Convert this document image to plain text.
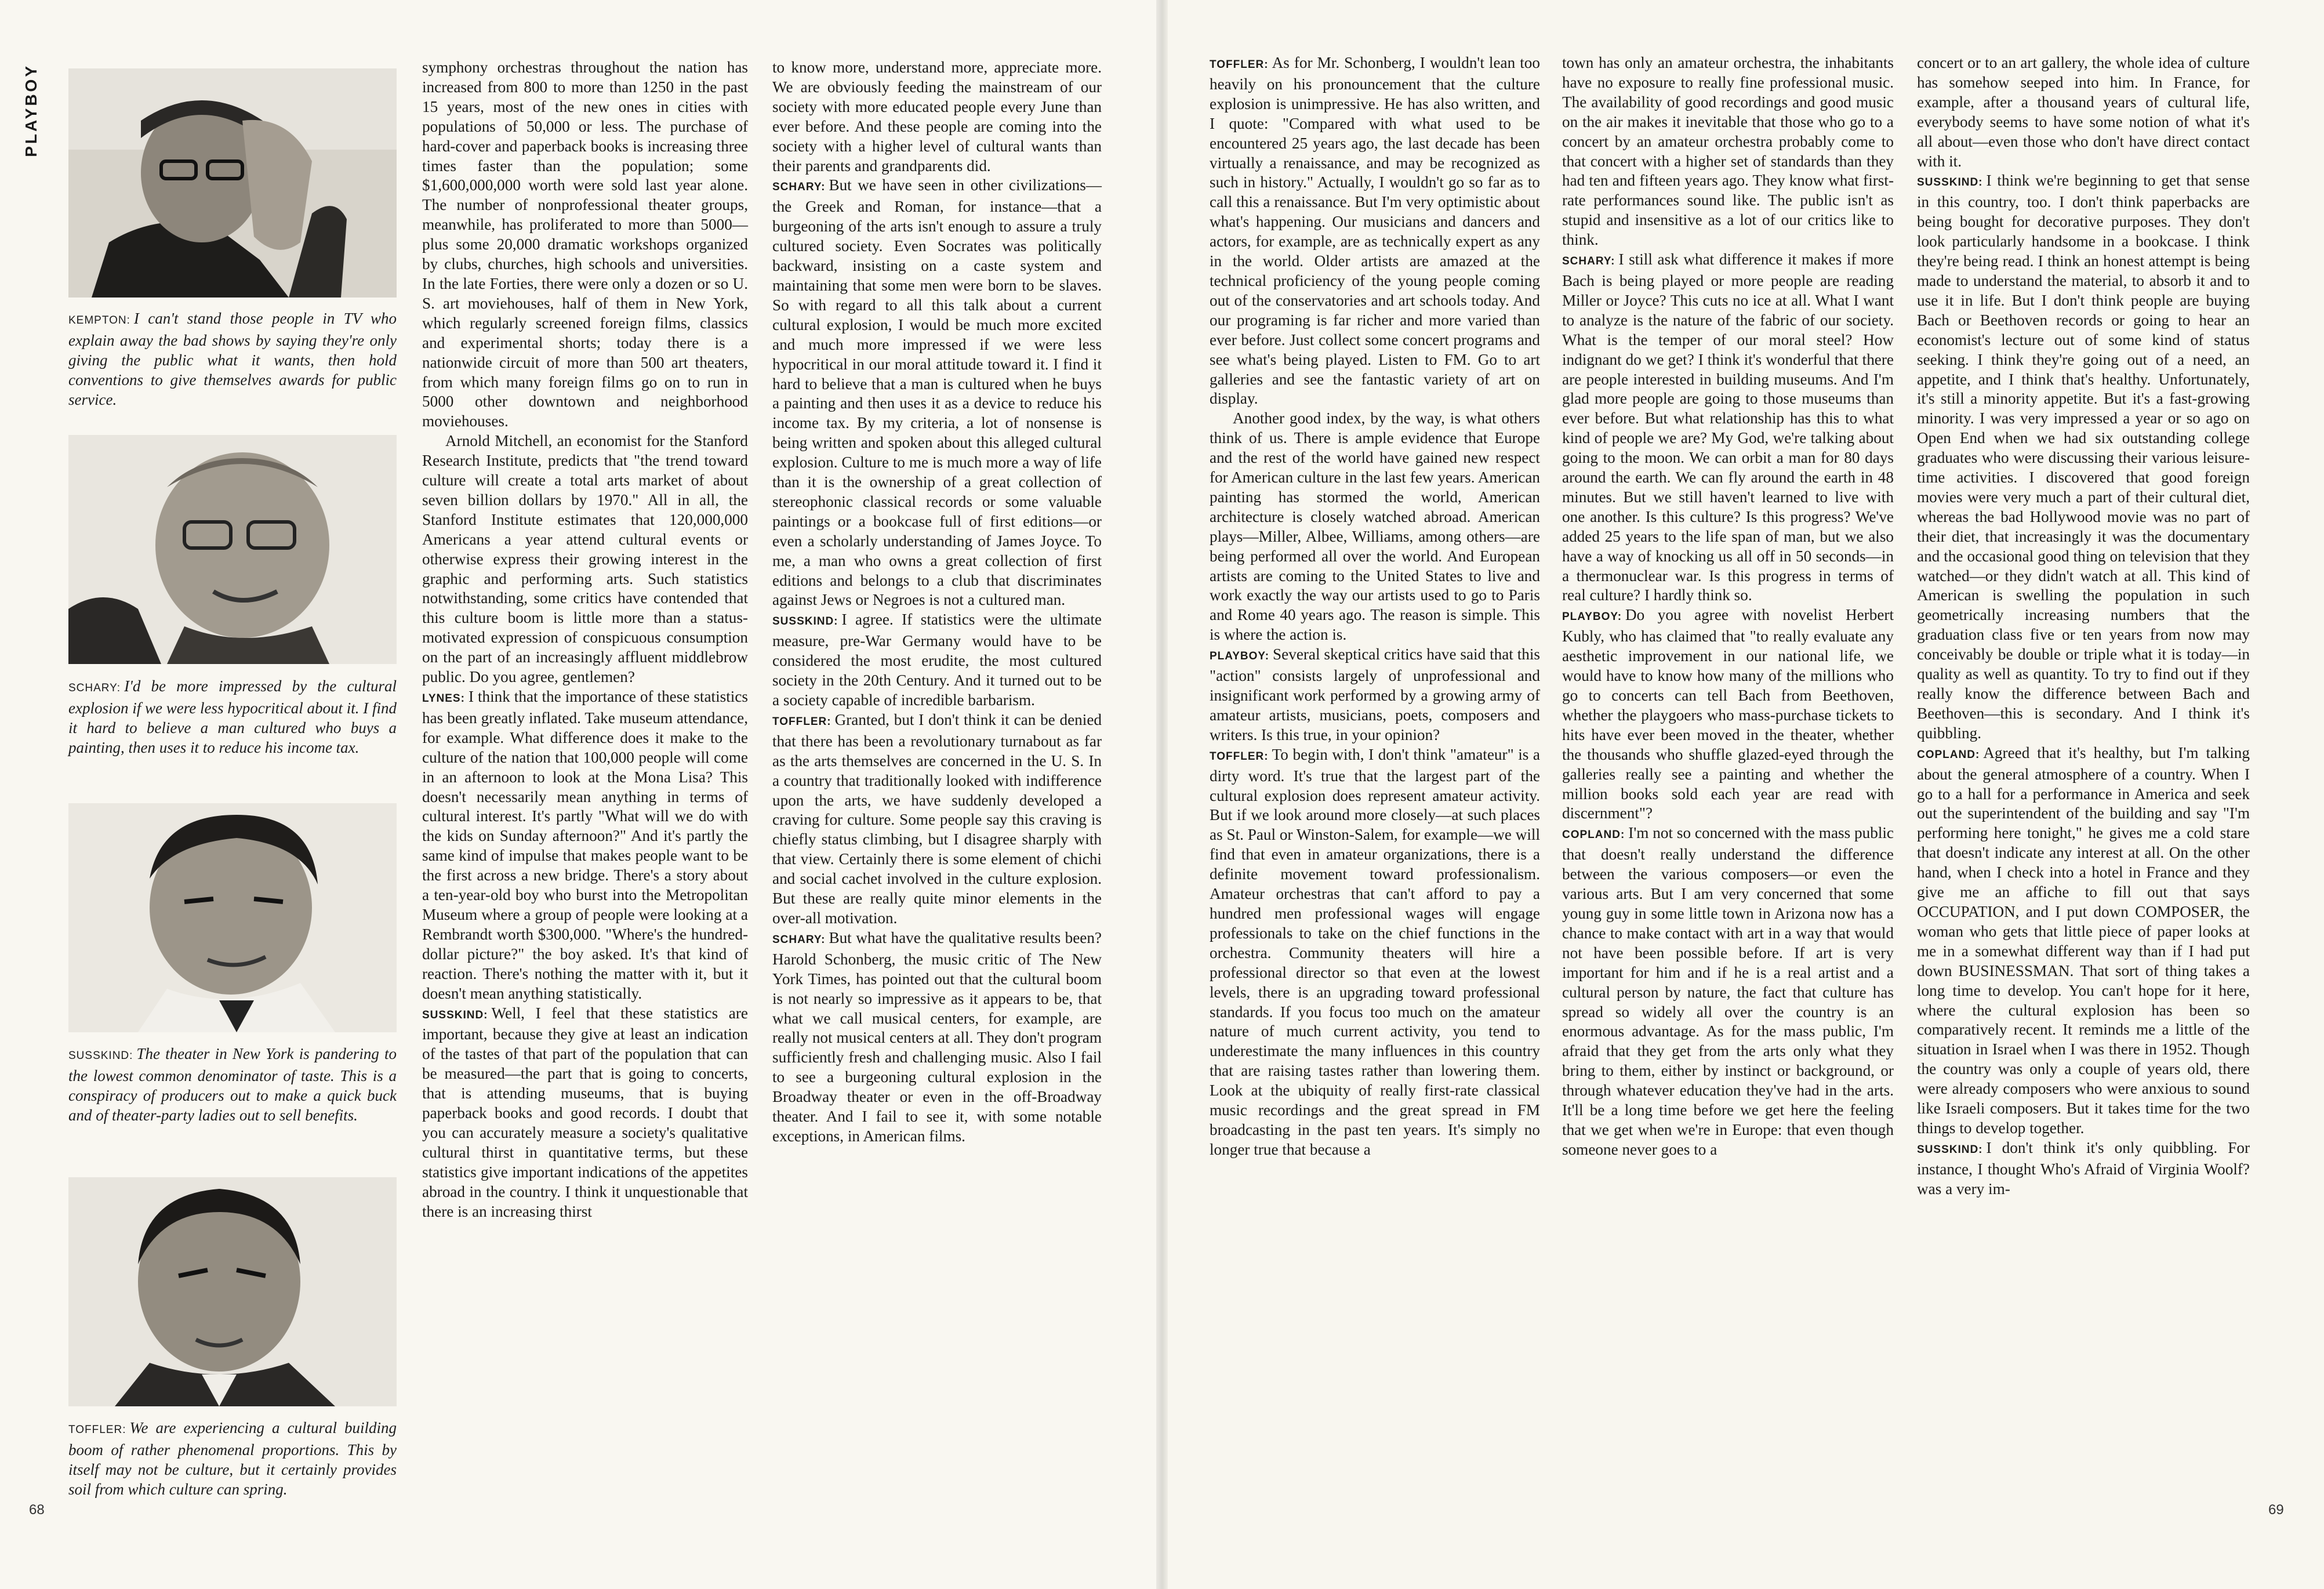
PLAYBOY
KEMPTON: I can't stand those people in TV who explain away the bad shows by saying they're only giving the public what it wants, then hold conventions to give themselves awards for public service.
SCHARY: I'd be more impressed by the cultural explosion if we were less hypocritical about it. I find it hard to believe a man cultured who buys a painting, then uses it to reduce his income tax.
SUSSKIND: The theater in New York is pandering to the lowest common denominator of taste. This is a conspiracy of producers out to make a quick buck and of theater-party ladies out to sell benefits.
TOFFLER: We are experiencing a cultural building boom of rather phenomenal proportions. This by itself may not be culture, but it certainly provides soil from which culture can spring.

symphony orchestras throughout the nation has increased from 800 to more than 1250 in the past 15 years, most of the new ones in cities with populations of 50,000 or less. The purchase of hard-cover and paperback books is increasing three times faster than the population; some $1,600,000,000 worth were sold last year alone. The number of nonprofessional theater groups, meanwhile, has proliferated to more than 5000—plus some 20,000 dramatic workshops organized by clubs, churches, high schools and universities. In the late Forties, there were only a dozen or so U. S. art moviehouses, half of them in New York, which regularly screened foreign films, classics and experimental shorts; today there is a nationwide circuit of more than 500 art theaters, from which many foreign films go on to run in 5000 other downtown and neighborhood moviehouses.

Arnold Mitchell, an economist for the Stanford Research Institute, predicts that "the trend toward culture will create a total arts market of about seven billion dollars by 1970." All in all, the Stanford Institute estimates that 120,000,000 Americans a year attend cultural events or otherwise express their growing interest in the graphic and performing arts. Such statistics notwithstanding, some critics have contended that this culture boom is little more than a status-motivated expression of conspicuous consumption on the part of an increasingly affluent middlebrow public. Do you agree, gentlemen?

LYNES: I think that the importance of these statistics has been greatly inflated. Take museum attendance, for example. What difference does it make to the culture of the nation that 100,000 people will come in an afternoon to look at the Mona Lisa? This doesn't necessarily mean anything in terms of cultural interest. It's partly "What will we do with the kids on Sunday afternoon?" And it's partly the same kind of impulse that makes people want to be the first across a new bridge. There's a story about a ten-year-old boy who burst into the Metropolitan Museum where a group of people were looking at a Rembrandt worth $300,000. "Where's the hundred-dollar picture?" the boy asked. It's that kind of reaction. There's nothing the matter with it, but it doesn't mean anything statistically.

SUSSKIND: Well, I feel that these statistics are important, because they give at least an indication of the tastes of that part of the population that can be measured—the part that is going to concerts, that is attending museums, that is buying paperback books and good records. I doubt that you can accurately measure a society's qualitative cultural thirst in quantitative terms, but these statistics give important indications of the appetites abroad in the country. I think it unquestionable that there is an increasing thirst

to know more, understand more, appreciate more. We are obviously feeding the mainstream of our society with more educated people every June than ever before. And these people are coming into the society with a higher level of cultural wants than their parents and grandparents did.

SCHARY: But we have seen in other civilizations—the Greek and Roman, for instance—that a burgeoning of the arts isn't enough to assure a truly cultured society. Even Socrates was politically backward, insisting on a caste system and maintaining that some men were born to be slaves. So with regard to all this talk about a current cultural explosion, I would be much more excited and much more impressed if we were less hypocritical in our moral attitude toward it. I find it hard to believe that a man is cultured when he buys a painting and then uses it as a device to reduce his income tax. By my criteria, a lot of nonsense is being written and spoken about this alleged cultural explosion. Culture to me is much more a way of life than it is the ownership of a great collection of stereophonic classical records or some valuable paintings or a bookcase full of first editions—or even a scholarly understanding of James Joyce. To me, a man who owns a great collection of first editions and belongs to a club that discriminates against Jews or Negroes is not a cultured man.

SUSSKIND: I agree. If statistics were the ultimate measure, pre-War Germany would have to be considered the most erudite, the most cultured society in the 20th Century. And it turned out to be a society capable of incredible barbarism.

TOFFLER: Granted, but I don't think it can be denied that there has been a revolutionary turnabout as far as the arts themselves are concerned in the U. S. In a country that traditionally looked with indifference upon the arts, we have suddenly developed a craving for culture. Some people say this craving is chiefly status climbing, but I disagree sharply with that view. Certainly there is some element of chichi and social cachet involved in the culture explosion. But these are really quite minor elements in the over-all motivation.

SCHARY: But what have the qualitative results been? Harold Schonberg, the music critic of The New York Times, has pointed out that the cultural boom is not nearly so impressive as it appears to be, that what we call musical centers, for example, are really not musical centers at all. They don't program sufficiently fresh and challenging music. Also I fail to see a burgeoning cultural explosion in the Broadway theater or even in the off-Broadway theater. And I fail to see it, with some notable exceptions, in American films.

TOFFLER: As for Mr. Schonberg, I wouldn't lean too heavily on his pronouncement that the culture explosion is unimpressive. He has also written, and I quote: "Compared with what used to be encountered 25 years ago, the last decade has been virtually a renaissance, and may be recognized as such in history." Actually, I wouldn't go so far as to call this a renaissance. But I'm very optimistic about what's happening. Our musicians and dancers and actors, for example, are as technically expert as any in the world. Older artists are amazed at the technical proficiency of the young people coming out of the conservatories and art schools today. And our programing is far richer and more varied than ever before. Just collect some concert programs and see what's being played. Listen to FM. Go to art galleries and see the fantastic variety of art on display.

Another good index, by the way, is what others think of us. There is ample evidence that Europe and the rest of the world have gained new respect for American culture in the last few years. American painting has stormed the world, American architecture is closely watched abroad. American plays—Miller, Albee, Williams, among others—are being performed all over the world. And European artists are coming to the United States to live and work exactly the way our artists used to go to Paris and Rome 40 years ago. The reason is simple. This is where the action is.

PLAYBOY: Several skeptical critics have said that this "action" consists largely of unprofessional and insignificant work performed by a growing army of amateur artists, musicians, poets, composers and writers. Is this true, in your opinion?

TOFFLER: To begin with, I don't think "amateur" is a dirty word. It's true that the largest part of the cultural explosion does represent amateur activity. But if we look around more closely—at such places as St. Paul or Winston-Salem, for example—we will find that even in amateur organizations, there is a definite movement toward professionalism. Amateur orchestras that can't afford to pay a hundred men professional wages will engage professionals to take on the chief functions in the orchestra. Community theaters will hire a professional director so that even at the lowest levels, there is an upgrading toward professional standards. If you focus too much on the amateur nature of much current activity, you tend to underestimate the many influences in this country that are raising tastes rather than lowering them. Look at the ubiquity of really first-rate classical music recordings and the great spread in FM broadcasting in the past ten years. It's simply no longer true that because a

town has only an amateur orchestra, the inhabitants have no exposure to really fine professional music. The availability of good recordings and good music on the air makes it inevitable that those who go to a concert by an amateur orchestra probably come to that concert with a higher set of standards than they had ten and fifteen years ago. They know what first-rate performances sound like. The public isn't as stupid and insensitive as a lot of our critics like to think.

SCHARY: I still ask what difference it makes if more Bach is being played or more people are reading Miller or Joyce? This cuts no ice at all. What I want to analyze is the nature of the fabric of our society. What is the temper of our moral steel? How indignant do we get? I think it's wonderful that there are people interested in building museums. And I'm glad more people are going to those museums than ever before. But what relationship has this to what kind of people we are? My God, we're talking about going to the moon. We can orbit a man for 80 days around the earth. We can fly around the earth in 48 minutes. But we still haven't learned to live with one another. Is this culture? Is this progress? We've added 25 years to the life span of man, but we also have a way of knocking us all off in 50 seconds—in a thermonuclear war. Is this progress in terms of real culture? I hardly think so.

PLAYBOY: Do you agree with novelist Herbert Kubly, who has claimed that "to really evaluate any aesthetic improvement in our national life, we would have to know how many of the millions who go to concerts can tell Bach from Beethoven, whether the playgoers who mass-purchase tickets to hits have ever been moved in the theater, whether the thousands who shuffle glazed-eyed through the galleries really see a painting and whether the million books sold each year are read with discernment"?

COPLAND: I'm not so concerned with the mass public that doesn't really understand the difference between the various composers—or even the various arts. But I am very concerned that some young guy in some little town in Arizona now has a chance to make contact with art in a way that would not have been possible before. If art is very important for him and if he is a real artist and a cultural person by nature, the fact that culture has spread so widely all over the country is an enormous advantage. As for the mass public, I'm afraid that they get from the arts only what they bring to them, either by instinct or background, or through whatever education they've had in the arts. It'll be a long time before we get here the feeling that we get when we're in Europe: that even though someone never goes to a

concert or to an art gallery, the whole idea of culture has somehow seeped into him. In France, for example, after a thousand years of cultural life, everybody seems to have some notion of what it's all about—even those who don't have direct contact with it.

SUSSKIND: I think we're beginning to get that sense in this country, too. I don't think paperbacks are being bought for decorative purposes. They don't look particularly handsome in a bookcase. I think they're being read. I think an honest attempt is being made to understand the material, to absorb it and to use it in life. But I don't think people are buying Bach or Beethoven records or going to hear an economist's lecture out of some kind of status seeking. I think they're going out of a need, an appetite, and I think that's healthy. Unfortunately, it's still a minority appetite. But it's a fast-growing minority. I was very impressed a year or so ago on Open End when we had six outstanding college graduates who were discussing their various leisure-time activities. I discovered that good foreign movies were very much a part of their cultural diet, whereas the bad Hollywood movie was no part of their diet, that increasingly it was the documentary and the occasional good thing on television that they watched—or they didn't watch at all. This kind of American is swelling the population in such geometrically increasing numbers that the graduation class five or ten years from now may conceivably be double or triple what it is today—in quality as well as quantity. To try to find out if they really know the difference between Bach and Beethoven—this is secondary. And I think it's quibbling.

COPLAND: Agreed that it's healthy, but I'm talking about the general atmosphere of a country. When I go to a hall for a performance in America and seek out the superintendent of the building and say "I'm performing here tonight," he gives me a cold stare that doesn't indicate any interest at all. On the other hand, when I check into a hotel in France and they give me an affiche to fill out that says OCCUPATION, and I put down COMPOSER, the woman who gets that little piece of paper looks at me in a somewhat different way than if I had put down BUSINESSMAN. That sort of thing takes a long time to develop. You can't hope for it here, where the cultural explosion has been so comparatively recent. It reminds me a little of the situation in Israel when I was there in 1952. Though the country was only a couple of years old, there were already composers who were anxious to sound like Israeli composers. But it takes time for the two things to develop together.

SUSSKIND: I don't think it's only quibbling. For instance, I thought Who's Afraid of Virginia Woolf? was a very im-

68	69
